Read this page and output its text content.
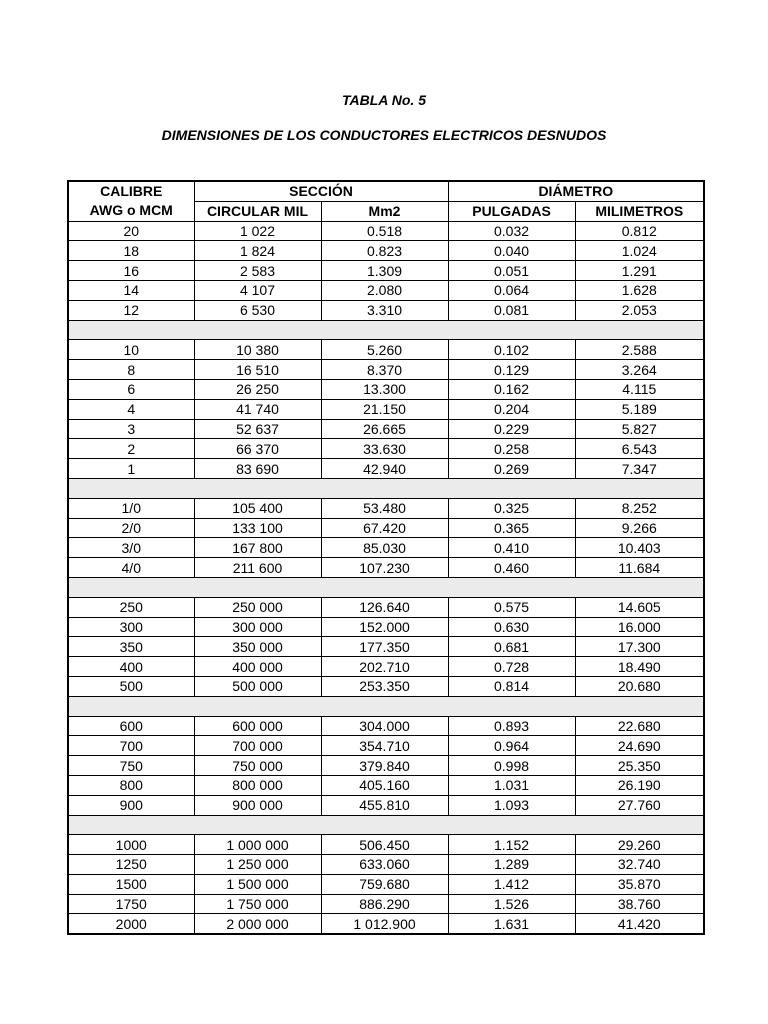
TABLA No. 5
DIMENSIONES DE LOS CONDUCTORES ELECTRICOS DESNUDOS
CALIBRE
AWG o MCM	SECCIÓN		DIÁMETRO	
	CIRCULAR MIL	Mm2	PULGADAS	MILIMETROS
20	1 022	0.518	0.032	0.812
18	1 824	0.823	0.040	1.024
16	2 583	1.309	0.051	1.291
14	4 107	2.080	0.064	1.628
12	6 530	3.310	0.081	2.053

10	10 380	5.260	0.102	2.588
8	16 510	8.370	0.129	3.264
6	26 250	13.300	0.162	4.115
4	41 740	21.150	0.204	5.189
3	52 637	26.665	0.229	5.827
2	66 370	33.630	0.258	6.543
1	83 690	42.940	0.269	7.347

1/0	105 400	53.480	0.325	8.252
2/0	133 100	67.420	0.365	9.266
3/0	167 800	85.030	0.410	10.403
4/0	211 600	107.230	0.460	11.684

250	250 000	126.640	0.575	14.605
300	300 000	152.000	0.630	16.000
350	350 000	177.350	0.681	17.300
400	400 000	202.710	0.728	18.490
500	500 000	253.350	0.814	20.680

600	600 000	304.000	0.893	22.680
700	700 000	354.710	0.964	24.690
750	750 000	379.840	0.998	25.350
800	800 000	405.160	1.031	26.190
900	900 000	455.810	1.093	27.760

1000	1 000 000	506.450	1.152	29.260
1250	1 250 000	633.060	1.289	32.740
1500	1 500 000	759.680	1.412	35.870
1750	1 750 000	886.290	1.526	38.760
2000	2 000 000	1 012.900	1.631	41.420
